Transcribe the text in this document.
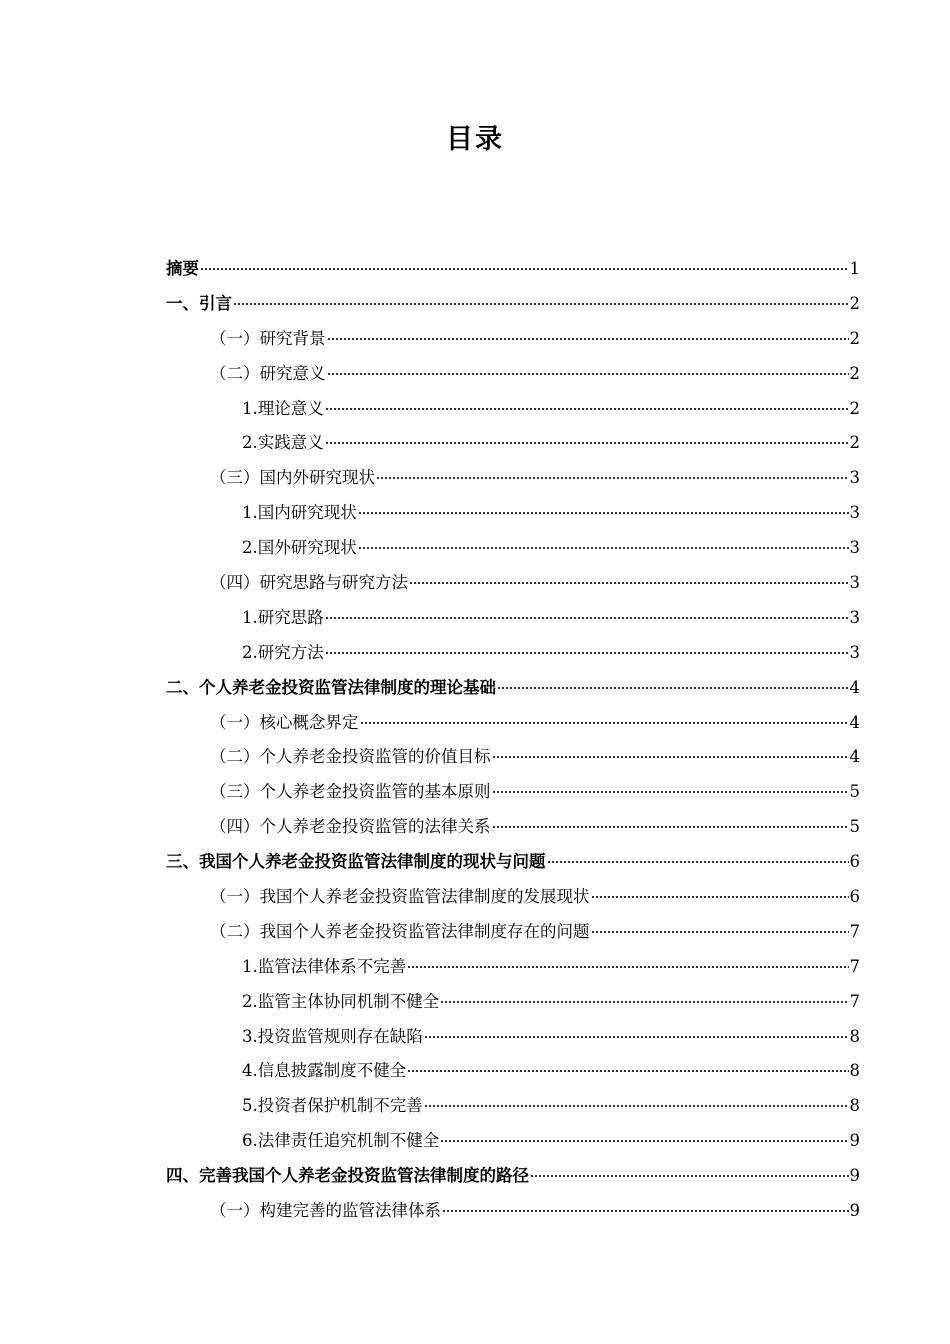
目录
摘要	1
一、引言	2
（一）研究背景	2
（二）研究意义	2
1.理论意义	2
2.实践意义	2
（三）国内外研究现状	3
1.国内研究现状	3
2.国外研究现状	3
（四）研究思路与研究方法	3
1.研究思路	3
2.研究方法	3
二、个人养老金投资监管法律制度的理论基础	4
（一）核心概念界定	4
（二）个人养老金投资监管的价值目标	4
（三）个人养老金投资监管的基本原则	5
（四）个人养老金投资监管的法律关系	5
三、我国个人养老金投资监管法律制度的现状与问题	6
（一）我国个人养老金投资监管法律制度的发展现状	6
（二）我国个人养老金投资监管法律制度存在的问题	7
1.监管法律体系不完善	7
2.监管主体协同机制不健全	7
3.投资监管规则存在缺陷	8
4.信息披露制度不健全	8
5.投资者保护机制不完善	8
6.法律责任追究机制不健全	9
四、完善我国个人养老金投资监管法律制度的路径	9
（一）构建完善的监管法律体系	9
